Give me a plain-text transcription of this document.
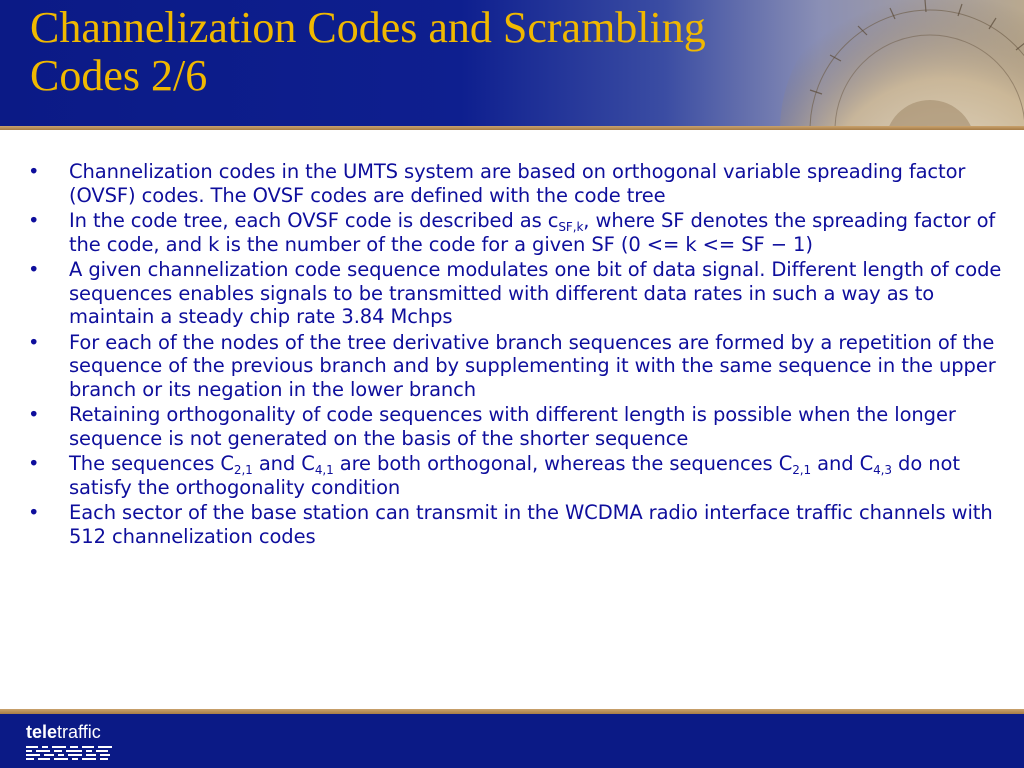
Channelization Codes and Scrambling
Codes 2/6
• Channelization codes in the UMTS system are based on orthogonal variable spreading factor (OVSF) codes. The OVSF codes are defined with the code tree
• In the code tree, each OVSF code is described as $c_{SF,k}$, where SF denotes the spreading factor of the code, and k is the number of the code for a given SF (0 <= k <= SF − 1)
• A given channelization code sequence modulates one bit of data signal. Different length of code sequences enables signals to be transmitted with different data rates in such a way as to maintain a steady chip rate 3.84 Mchps
• For each of the nodes of the tree derivative branch sequences are formed by a repetition of the sequence of the previous branch and by supplementing it with the same sequence in the upper branch or its negation in the lower branch
• Retaining orthogonality of code sequences with different length is possible when the longer sequence is not generated on the basis of the shorter sequence
• The sequences $C_{2,1}$ and $C_{4,1}$ are both orthogonal, whereas the sequences $C_{2,1}$ and $C_{4,3}$ do not satisfy the orthogonality condition
• Each sector of the base station can transmit in the WCDMA radio interface traffic channels with 512 channelization codes
teletraffic
